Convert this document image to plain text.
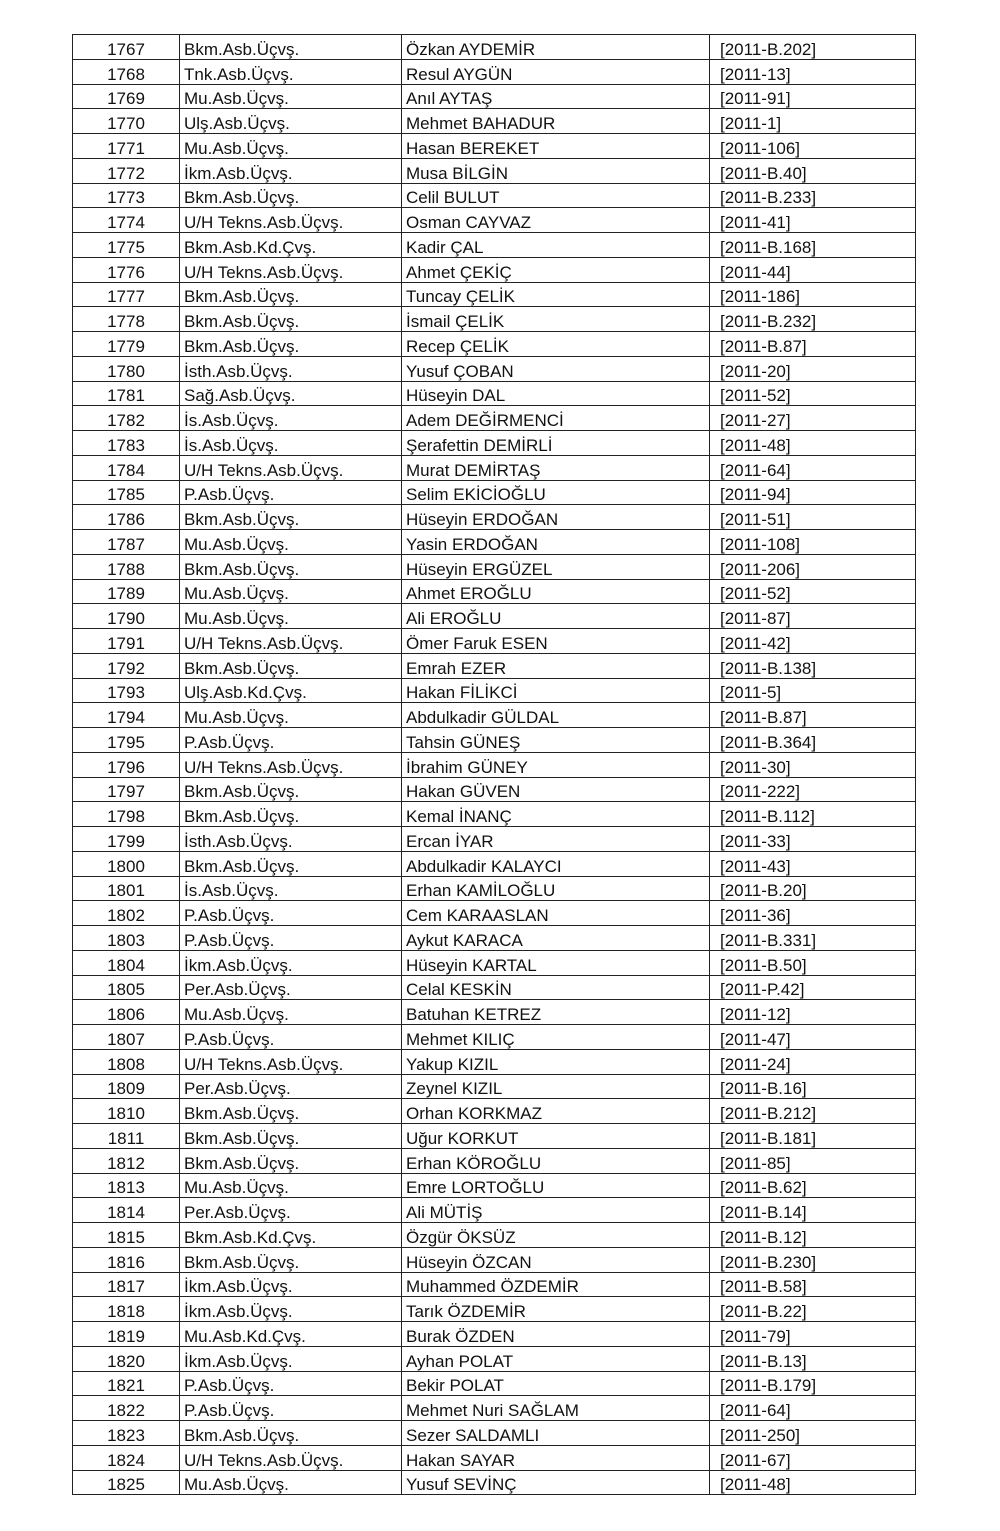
1767	Bkm.Asb.Üçvş.	Özkan AYDEMİR	[2011-B.202]
1768	Tnk.Asb.Üçvş.	Resul AYGÜN	[2011-13]
1769	Mu.Asb.Üçvş.	Anıl AYTAŞ	[2011-91]
1770	Ulş.Asb.Üçvş.	Mehmet BAHADUR	[2011-1]
1771	Mu.Asb.Üçvş.	Hasan BEREKET	[2011-106]
1772	İkm.Asb.Üçvş.	Musa BİLGİN	[2011-B.40]
1773	Bkm.Asb.Üçvş.	Celil BULUT	[2011-B.233]
1774	U/H Tekns.Asb.Üçvş.	Osman CAYVAZ	[2011-41]
1775	Bkm.Asb.Kd.Çvş.	Kadir ÇAL	[2011-B.168]
1776	U/H Tekns.Asb.Üçvş.	Ahmet ÇEKİÇ	[2011-44]
1777	Bkm.Asb.Üçvş.	Tuncay ÇELİK	[2011-186]
1778	Bkm.Asb.Üçvş.	İsmail ÇELİK	[2011-B.232]
1779	Bkm.Asb.Üçvş.	Recep ÇELİK	[2011-B.87]
1780	İsth.Asb.Üçvş.	Yusuf ÇOBAN	[2011-20]
1781	Sağ.Asb.Üçvş.	Hüseyin DAL	[2011-52]
1782	İs.Asb.Üçvş.	Adem DEĞİRMENCİ	[2011-27]
1783	İs.Asb.Üçvş.	Şerafettin DEMİRLİ	[2011-48]
1784	U/H Tekns.Asb.Üçvş.	Murat DEMİRTAŞ	[2011-64]
1785	P.Asb.Üçvş.	Selim EKİCİOĞLU	[2011-94]
1786	Bkm.Asb.Üçvş.	Hüseyin ERDOĞAN	[2011-51]
1787	Mu.Asb.Üçvş.	Yasin ERDOĞAN	[2011-108]
1788	Bkm.Asb.Üçvş.	Hüseyin ERGÜZEL	[2011-206]
1789	Mu.Asb.Üçvş.	Ahmet EROĞLU	[2011-52]
1790	Mu.Asb.Üçvş.	Ali EROĞLU	[2011-87]
1791	U/H Tekns.Asb.Üçvş.	Ömer Faruk ESEN	[2011-42]
1792	Bkm.Asb.Üçvş.	Emrah EZER	[2011-B.138]
1793	Ulş.Asb.Kd.Çvş.	Hakan FİLİKCİ	[2011-5]
1794	Mu.Asb.Üçvş.	Abdulkadir GÜLDAL	[2011-B.87]
1795	P.Asb.Üçvş.	Tahsin GÜNEŞ	[2011-B.364]
1796	U/H Tekns.Asb.Üçvş.	İbrahim GÜNEY	[2011-30]
1797	Bkm.Asb.Üçvş.	Hakan GÜVEN	[2011-222]
1798	Bkm.Asb.Üçvş.	Kemal İNANÇ	[2011-B.112]
1799	İsth.Asb.Üçvş.	Ercan İYAR	[2011-33]
1800	Bkm.Asb.Üçvş.	Abdulkadir KALAYCI	[2011-43]
1801	İs.Asb.Üçvş.	Erhan KAMİLOĞLU	[2011-B.20]
1802	P.Asb.Üçvş.	Cem KARAASLAN	[2011-36]
1803	P.Asb.Üçvş.	Aykut KARACA	[2011-B.331]
1804	İkm.Asb.Üçvş.	Hüseyin KARTAL	[2011-B.50]
1805	Per.Asb.Üçvş.	Celal KESKİN	[2011-P.42]
1806	Mu.Asb.Üçvş.	Batuhan KETREZ	[2011-12]
1807	P.Asb.Üçvş.	Mehmet KILIÇ	[2011-47]
1808	U/H Tekns.Asb.Üçvş.	Yakup KIZIL	[2011-24]
1809	Per.Asb.Üçvş.	Zeynel KIZIL	[2011-B.16]
1810	Bkm.Asb.Üçvş.	Orhan KORKMAZ	[2011-B.212]
1811	Bkm.Asb.Üçvş.	Uğur KORKUT	[2011-B.181]
1812	Bkm.Asb.Üçvş.	Erhan KÖROĞLU	[2011-85]
1813	Mu.Asb.Üçvş.	Emre LORTOĞLU	[2011-B.62]
1814	Per.Asb.Üçvş.	Ali MÜTİŞ	[2011-B.14]
1815	Bkm.Asb.Kd.Çvş.	Özgür ÖKSÜZ	[2011-B.12]
1816	Bkm.Asb.Üçvş.	Hüseyin ÖZCAN	[2011-B.230]
1817	İkm.Asb.Üçvş.	Muhammed ÖZDEMİR	[2011-B.58]
1818	İkm.Asb.Üçvş.	Tarık ÖZDEMİR	[2011-B.22]
1819	Mu.Asb.Kd.Çvş.	Burak ÖZDEN	[2011-79]
1820	İkm.Asb.Üçvş.	Ayhan POLAT	[2011-B.13]
1821	P.Asb.Üçvş.	Bekir POLAT	[2011-B.179]
1822	P.Asb.Üçvş.	Mehmet Nuri SAĞLAM	[2011-64]
1823	Bkm.Asb.Üçvş.	Sezer SALDAMLI	[2011-250]
1824	U/H Tekns.Asb.Üçvş.	Hakan SAYAR	[2011-67]
1825	Mu.Asb.Üçvş.	Yusuf SEVİNÇ	[2011-48]
